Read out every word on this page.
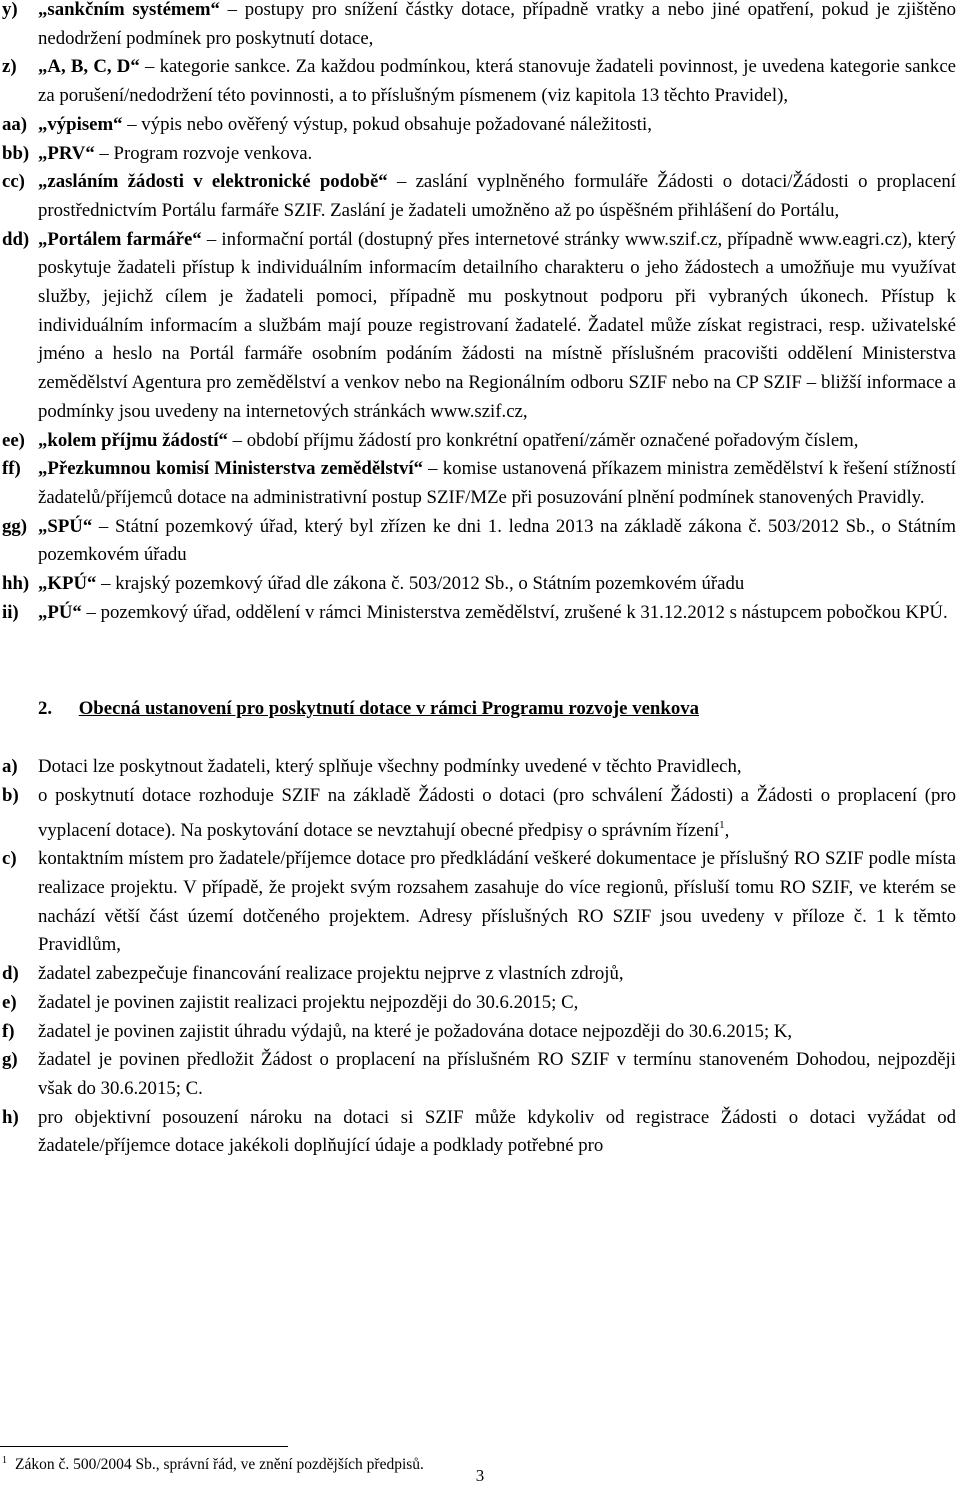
y)	„sankčním systémem“ – postupy pro snížení částky dotace, případně vratky a nebo jiné opatření, pokud je zjištěno nedodržení podmínek pro poskytnutí dotace,
z)	„A, B, C, D“ – kategorie sankce. Za každou podmínkou, která stanovuje žadateli povinnost, je uvedena kategorie sankce za porušení/nedodržení této povinnosti, a to příslušným písmenem (viz kapitola 13 těchto Pravidel),
aa) „výpisem“ – výpis nebo ověřený výstup, pokud obsahuje požadované náležitosti,
bb) „PRV“ – Program rozvoje venkova.
cc) „zasláním žádosti v elektronické podobě“ – zaslání vyplněného formuláře Žádosti o dotaci/Žádosti o proplacení prostřednictvím Portálu farmáře SZIF. Zaslání je žadateli umožněno až po úspěšném přihlášení do Portálu,
dd) „Portálem farmáře“ – informační portál (dostupný přes internetové stránky www.szif.cz, případně www.eagri.cz), který poskytuje žadateli přístup k individuálním informacím detailního charakteru o jeho žádostech a umožňuje mu využívat služby, jejichž cílem je žadateli pomoci, případně mu poskytnout podporu při vybraných úkonech. Přístup k individuálním informacím a službám mají pouze registrovaní žadatelé. Žadatel může získat registraci, resp. uživatelské jméno a heslo na Portál farmáře osobním podáním žádosti na místně příslušném pracovišti oddělení Ministerstva zemědělství Agentura pro zemědělství a venkov nebo na Regionálním odboru SZIF nebo na CP SZIF – bližší informace a podmínky jsou uvedeny na internetových stránkách www.szif.cz,
ee) „kolem příjmu žádostí“ – období příjmu žádostí pro konkrétní opatření/záměr označené pořadovým číslem,
ff) „Přezkumnou komisí Ministerstva zemědělství“ – komise ustanovená příkazem ministra zemědělství k řešení stížností žadatelů/příjemců dotace na administrativní postup SZIF/MZe při posuzování plnění podmínek stanovených Pravidly.
gg) „SPÚ“ – Státní pozemkový úřad, který byl zřízen ke dni 1. ledna 2013 na základě zákona č. 503/2012 Sb., o Státním pozemkovém úřadu
hh) „KPÚ“ – krajský pozemkový úřad dle zákona č. 503/2012 Sb., o Státním pozemkovém úřadu
ii)	„PÚ“ – pozemkový úřad, oddělení v rámci Ministerstva zemědělství, zrušené k 31.12.2012 s nástupcem pobočkou KPÚ.
2. Obecná ustanovení pro poskytnutí dotace v rámci Programu rozvoje venkova
a)	Dotaci lze poskytnout žadateli, který splňuje všechny podmínky uvedené v těchto Pravidlech,
b)	o poskytnutí dotace rozhoduje SZIF na základě Žádosti o dotaci (pro schválení Žádosti) a Žádosti o proplacení (pro vyplacení dotace). Na poskytování dotace se nevztahují obecné předpisy o správním řízení$^1$,
c)	kontaktním místem pro žadatele/příjemce dotace pro předkládání veškeré dokumentace je příslušný RO SZIF podle místa realizace projektu. V případě, že projekt svým rozsahem zasahuje do více regionů, přísluší tomu RO SZIF, ve kterém se nachází větší část území dotčeného projektem. Adresy příslušných RO SZIF jsou uvedeny v příloze č. 1 k těmto Pravidlům,
d)	žadatel zabezpečuje financování realizace projektu nejprve z vlastních zdrojů,
e)	žadatel je povinen zajistit realizaci projektu nejpozději do 30.6.2015; C,
f)	žadatel je povinen zajistit úhradu výdajů, na které je požadována dotace nejpozději do 30.6.2015; K,
g)	žadatel je povinen předložit Žádost o proplacení na příslušném RO SZIF v termínu stanoveném Dohodou, nejpozději však do 30.6.2015; C.
h)	pro objektivní posouzení nároku na dotaci si SZIF může kdykoliv od registrace Žádosti o dotaci vyžádat od žadatele/příjemce dotace jakékoli doplňující údaje a podklady potřebné pro
$^1$ Zákon č. 500/2004 Sb., správní řád, ve znění pozdějších předpisů.
3
